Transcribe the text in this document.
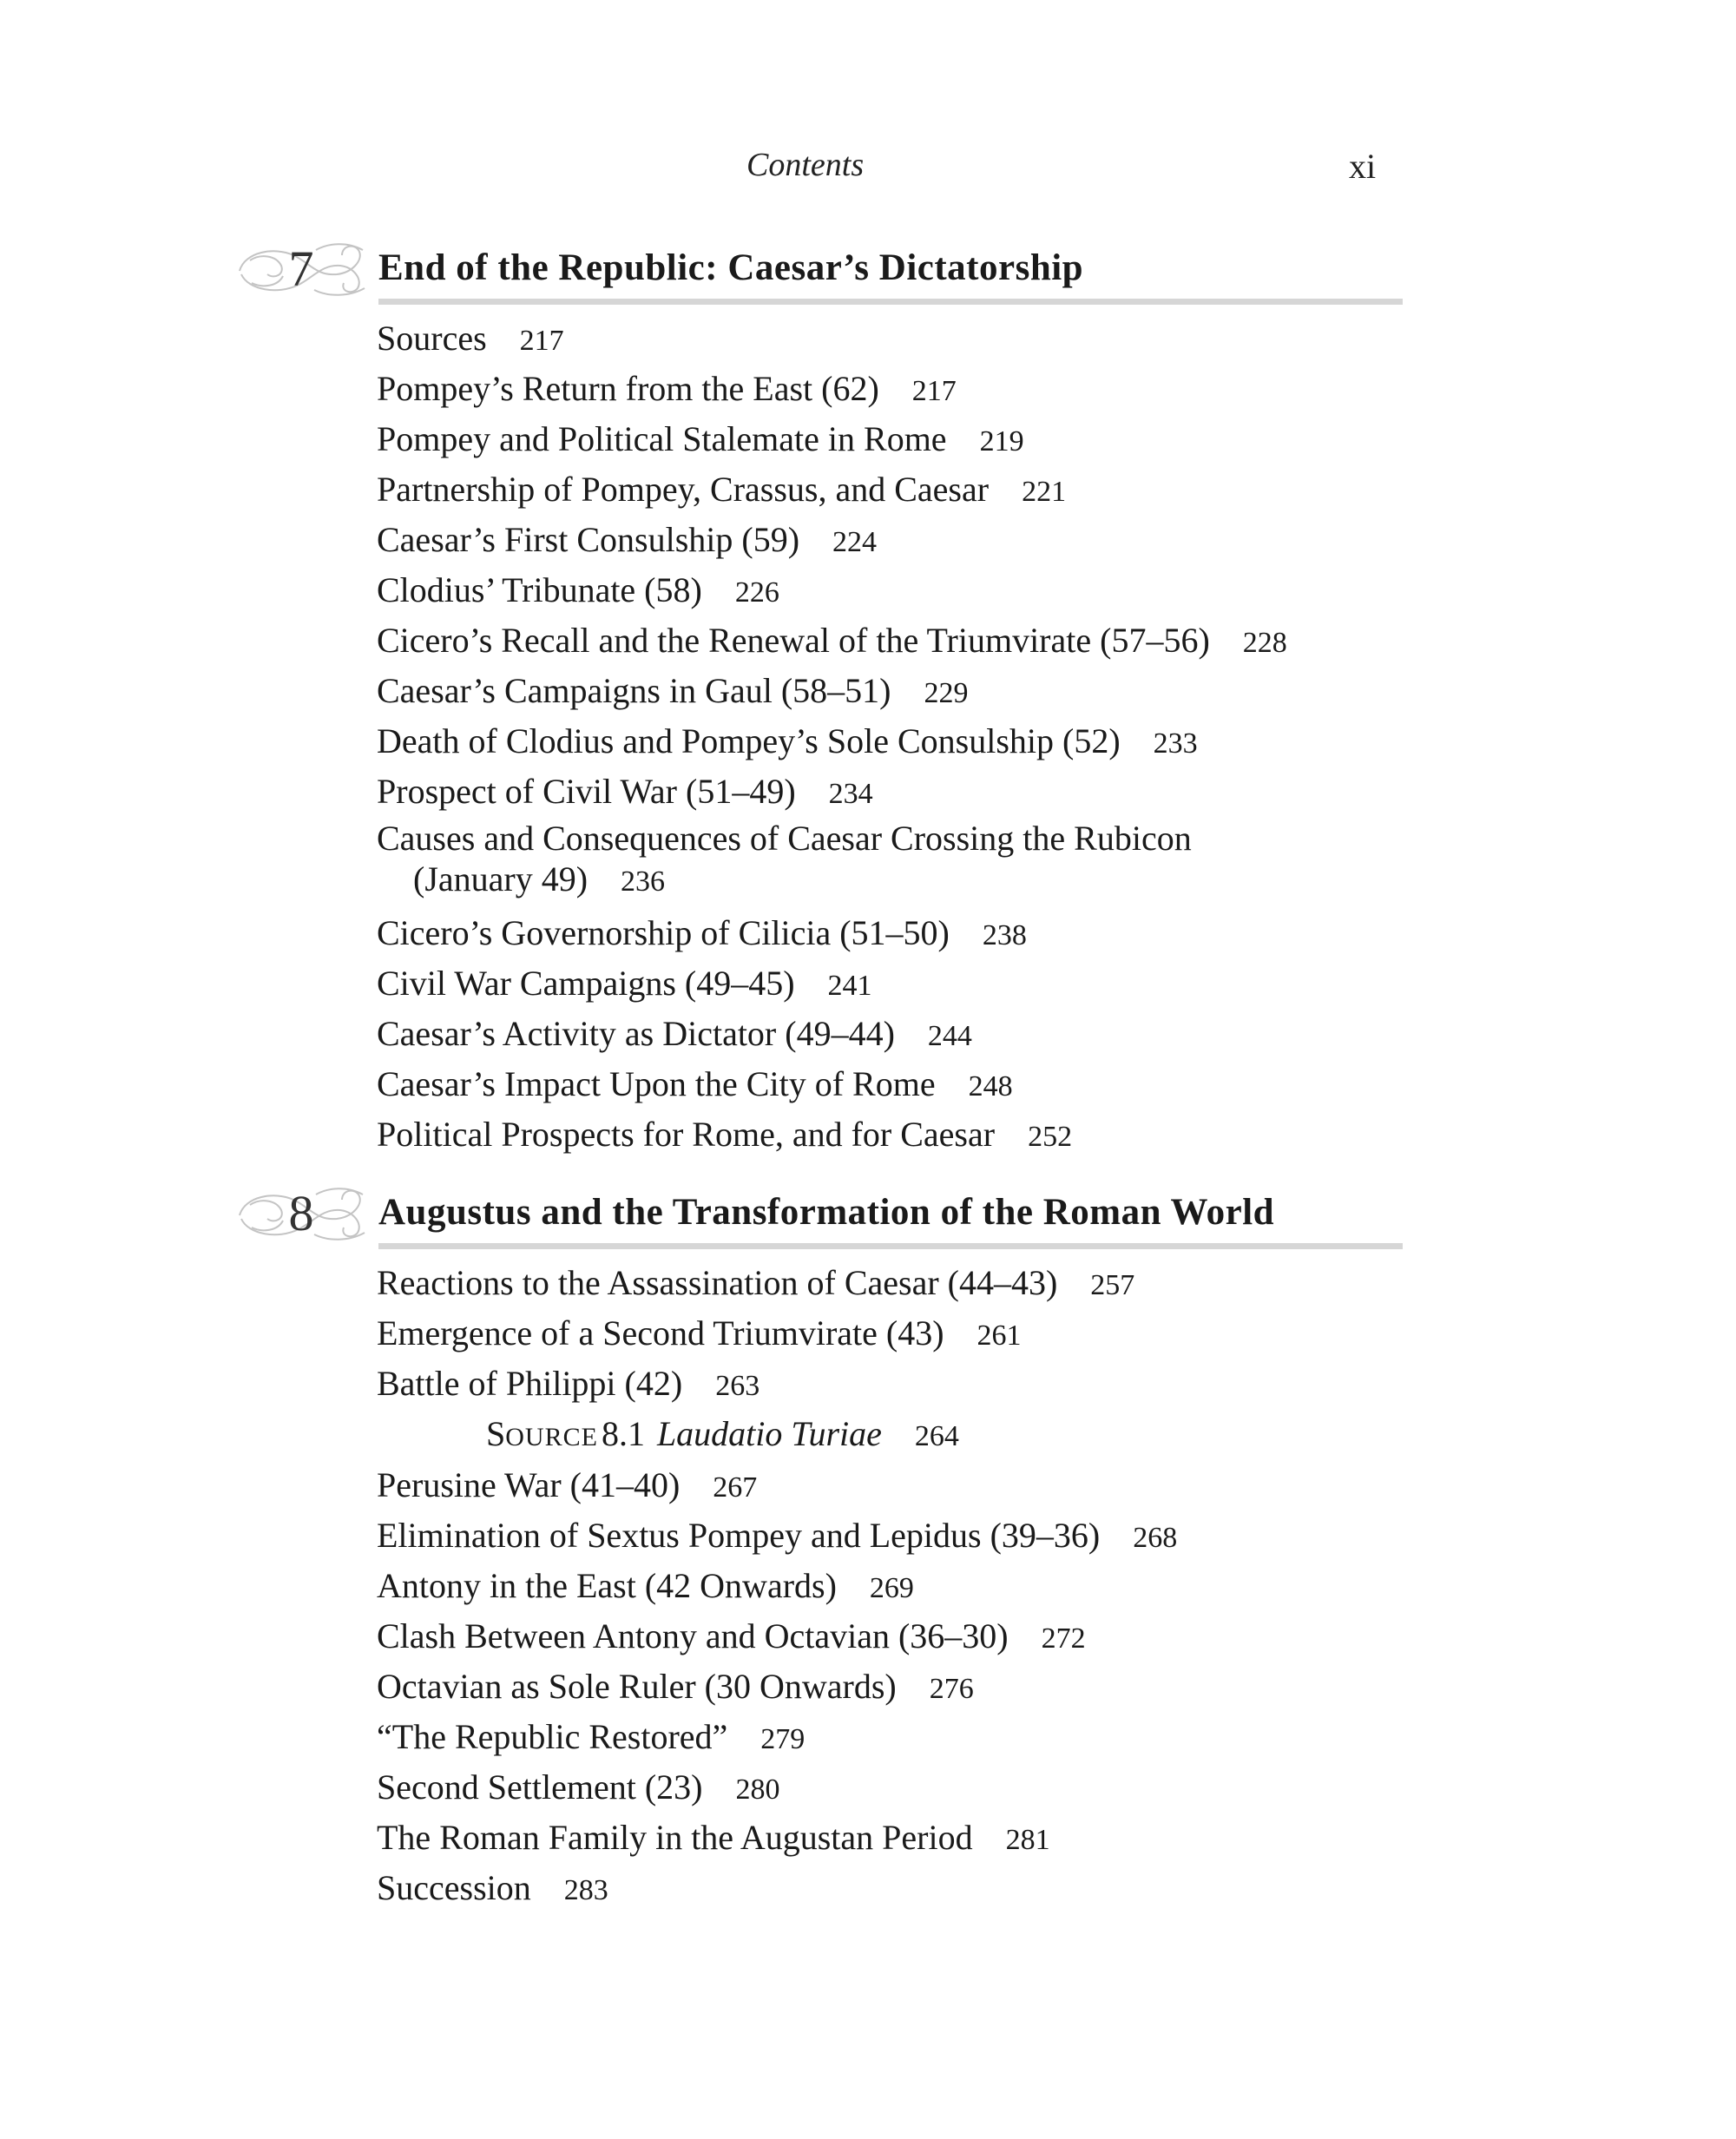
Contents	xi
7	End of the Republic: Caesar’s Dictatorship
Sources 217
Pompey’s Return from the East (62) 217
Pompey and Political Stalemate in Rome 219
Partnership of Pompey, Crassus, and Caesar 221
Caesar’s First Consulship (59) 224
Clodius’ Tribunate (58) 226
Cicero’s Recall and the Renewal of the Triumvirate (57–56) 228
Caesar’s Campaigns in Gaul (58–51) 229
Death of Clodius and Pompey’s Sole Consulship (52) 233
Prospect of Civil War (51–49) 234
Causes and Consequences of Caesar Crossing the Rubicon
(January 49) 236
Cicero’s Governorship of Cilicia (51–50) 238
Civil War Campaigns (49–45) 241
Caesar’s Activity as Dictator (49–44) 244
Caesar’s Impact Upon the City of Rome 248
Political Prospects for Rome, and for Caesar 252
8	Augustus and the Transformation of the Roman World
Reactions to the Assassination of Caesar (44–43) 257
Emergence of a Second Triumvirate (43) 261
Battle of Philippi (42) 263
SOURCE 8.1 Laudatio Turiae 264
Perusine War (41–40) 267
Elimination of Sextus Pompey and Lepidus (39–36) 268
Antony in the East (42 Onwards) 269
Clash Between Antony and Octavian (36–30) 272
Octavian as Sole Ruler (30 Onwards) 276
“The Republic Restored” 279
Second Settlement (23) 280
The Roman Family in the Augustan Period 281
Succession 283
